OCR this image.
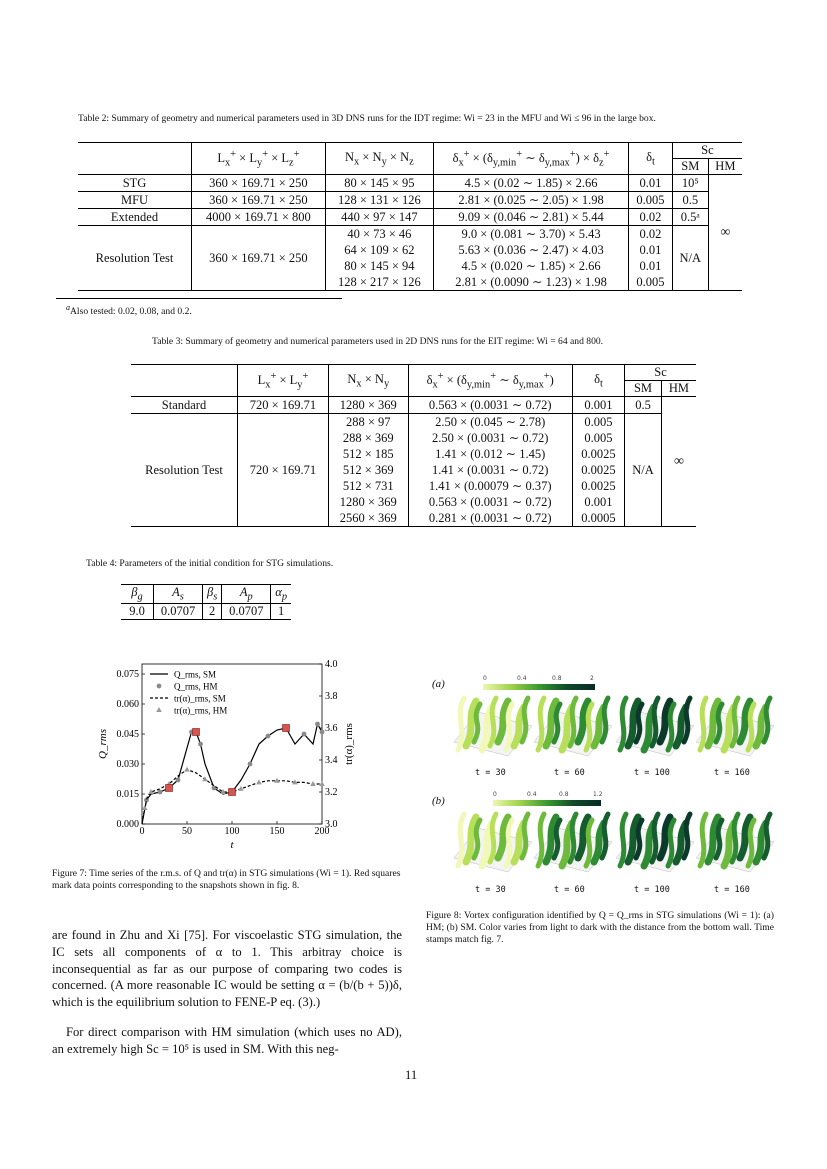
Table 2: Summary of geometry and numerical parameters used in 3D DNS runs for the IDT regime: Wi = 23 in the MFU and Wi ≤ 96 in the large box.
	$L_x^+ \times L_y^+ \times L_z^+$	$N_x \times N_y \times N_z$	$\delta_x^+ \times (\delta_{y,min}^+$ ∼ $\delta_{y,max}^+) \times \delta_z^+$	$\delta_t$	Sc	
					SM	HM
STG	360 × 169.71 × 250	80 × 145 × 95	4.5 × (0.02 ∼ 1.85) × 2.66	0.01	10⁵	∞
MFU	360 × 169.71 × 250	128 × 131 × 126	2.81 × (0.025 ∼ 2.05) × 1.98	0.005	0.5	
Extended	4000 × 169.71 × 800	440 × 97 × 147	9.09 × (0.046 ∼ 2.81) × 5.44	0.02	0.5ᵃ	
Resolution Test	360 × 169.71 × 250	40 × 73 × 46	9.0 × (0.081 ∼ 3.70) × 5.43	0.02	N/A	
		64 × 109 × 62	5.63 × (0.036 ∼ 2.47) × 4.03	0.01		
		80 × 145 × 94	4.5 × (0.020 ∼ 1.85) × 2.66	0.01		
		128 × 217 × 126	2.81 × (0.0090 ∼ 1.23) × 1.98	0.005		
$^a$Also tested: 0.02, 0.08, and 0.2.
Table 3: Summary of geometry and numerical parameters used in 2D DNS runs for the EIT regime: Wi = 64 and 800.
	$L_x^+ \times L_y^+$	$N_x \times N_y$	$\delta_x^+ \times (\delta_{y,min}^+$ ∼ $\delta_{y,max}^+$)	$\delta_t$	Sc	
					SM	HM
Standard	720 × 169.71	1280 × 369	0.563 × (0.0031 ∼ 0.72)	0.001	0.5	∞
Resolution Test	720 × 169.71	288 × 97	2.50 × (0.045 ∼ 2.78)	0.005	N/A	
		288 × 369	2.50 × (0.0031 ∼ 0.72)	0.005		
		512 × 185	1.41 × (0.012 ∼ 1.45)	0.0025		
		512 × 369	1.41 × (0.0031 ∼ 0.72)	0.0025		
		512 × 731	1.41 × (0.00079 ∼ 0.37)	0.0025		
		1280 × 369	0.563 × (0.0031 ∼ 0.72)	0.001		
		2560 × 369	0.281 × (0.0031 ∼ 0.72)	0.0005		
Table 4: Parameters of the initial condition for STG simulations.
$\beta_g$	$A_s$	$\beta_s$	$A_p$	$\alpha_p$
9.0	0.0707	2	0.0707	1
0	50	100	150	200
t
0.000
0.015
0.030
0.045
0.060
0.075
3.0
3.2
3.4
3.6
3.8
4.0
Q_rms	tr(α)_rms
Q_rms, SM
Q_rms, HM
tr(α)_rms, SM
tr(α)_rms, HM
Figure 7: Time series of the r.m.s. of Q and tr(α) in STG simulations (Wi = 1). Red squares mark data points corresponding to the snapshots shown in fig. 8.
(a)
(b)
0	0.4	0.8	2
0	0.4	0.8	1.2
t = 30	t = 60	t = 100	t = 160
t = 30	t = 60	t = 100	t = 160
Figure 8: Vortex configuration identified by Q = Q_rms in STG simulations (Wi = 1): (a) HM; (b) SM. Color varies from light to dark with the distance from the bottom wall. Time stamps match fig. 7.
are found in Zhu and Xi [75]. For viscoelastic STG simulation, the IC sets all components of α to 1. This arbitray choice is inconsequential as far as our purpose of comparing two codes is concerned. (A more reasonable IC would be setting α = (b/(b + 5))δ, which is the equilibrium solution to FENE-P eq. (3).)
For direct comparison with HM simulation (which uses no AD), an extremely high Sc = 10⁵ is used in SM. With this neg-
11
